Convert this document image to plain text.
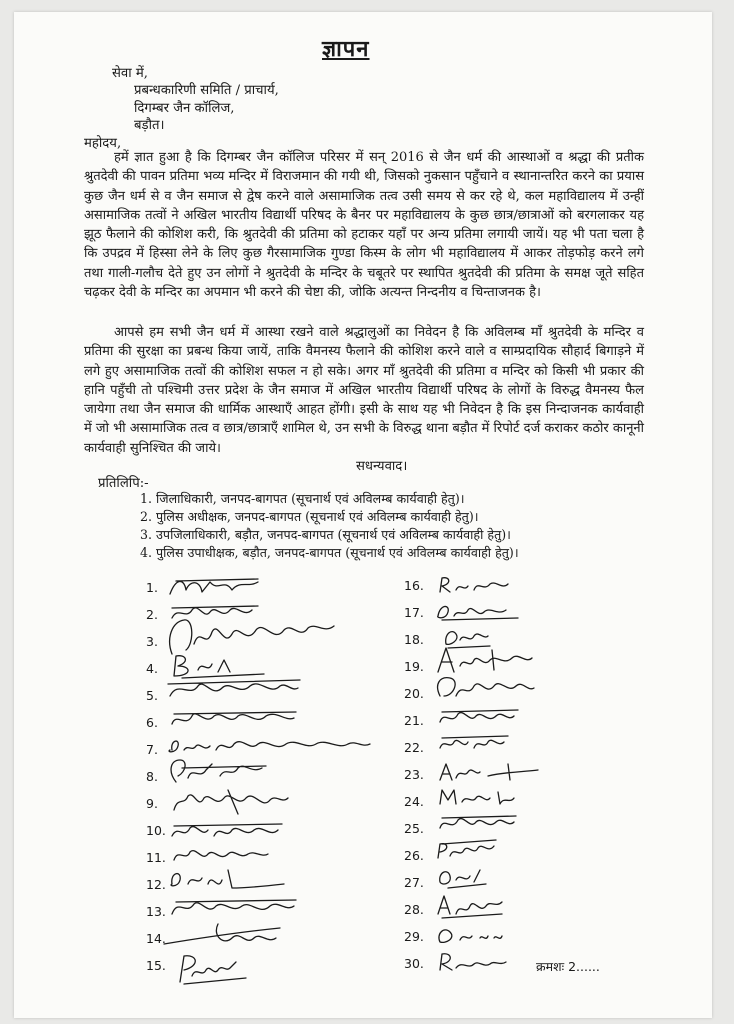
ज्ञापन
सेवा में,
प्रबन्धकारिणी समिति / प्राचार्य,
दिगम्बर जैन कॉलिज,
बड़ौत।
महोदय,
हमें ज्ञात हुआ है कि दिगम्बर जैन कॉलिज परिसर में सन् 2016 से जैन धर्म की आस्थाओं व श्रद्धा की प्रतीक श्रुतदेवी की पावन प्रतिमा भव्य मन्दिर में विराजमान की गयी थी, जिसको नुकसान पहुँचाने व स्थानान्तरित करने का प्रयास कुछ जैन धर्म से व जैन समाज से द्वेष करने वाले असामाजिक तत्व उसी समय से कर रहे थे, कल महाविद्यालय में उन्हीं असामाजिक तत्वों ने अखिल भारतीय विद्यार्थी परिषद के बैनर पर महाविद्यालय के कुछ छात्र/छात्राओं को बरगलाकर यह झूठ फैलाने की कोशिश करी, कि श्रुतदेवी की प्रतिमा को हटाकर यहाँ पर अन्य प्रतिमा लगायी जायें। यह भी पता चला है कि उपद्रव में हिस्सा लेने के लिए कुछ गैरसामाजिक गुण्डा किस्म के लोग भी महाविद्यालय में आकर तोड़फोड़ करने लगे तथा गाली-गलौच देते हुए उन लोगों ने श्रुतदेवी के मन्दिर के चबूतरे पर स्थापित श्रुतदेवी की प्रतिमा के समक्ष जूते सहित चढ़कर देवी के मन्दिर का अपमान भी करने की चेष्टा की, जोकि अत्यन्त निन्दनीय व चिन्ताजनक है।
आपसे हम सभी जैन धर्म में आस्था रखने वाले श्रद्धालुओं का निवेदन है कि अविलम्ब माँ श्रुतदेवी के मन्दिर व प्रतिमा की सुरक्षा का प्रबन्ध किया जायें, ताकि वैमनस्य फैलाने की कोशिश करने वाले व साम्प्रदायिक सौहार्द बिगाड़ने में लगे हुए असामाजिक तत्वों की कोशिश सफल न हो सके। अगर माँ श्रुतदेवी की प्रतिमा व मन्दिर को किसी भी प्रकार की हानि पहुँची तो पश्चिमी उत्तर प्रदेश के जैन समाज में अखिल भारतीय विद्यार्थी परिषद के लोगों के विरुद्ध वैमनस्य फैल जायेगा तथा जैन समाज की धार्मिक आस्थाएँ आहत होंगी। इसी के साथ यह भी निवेदन है कि इस निन्दाजनक कार्यवाही में जो भी असामाजिक तत्व व छात्र/छात्राएँ शामिल थे, उन सभी के विरुद्ध थाना बड़ौत में रिपोर्ट दर्ज कराकर कठोर कानूनी कार्यवाही सुनिश्चित की जाये।
सधन्यवाद।
प्रतिलिपि:-
1. जिलाधिकारी, जनपद-बागपत (सूचनार्थ एवं अविलम्ब कार्यवाही हेतु)।
2. पुलिस अधीक्षक, जनपद-बागपत (सूचनार्थ एवं अविलम्ब कार्यवाही हेतु)।
3. उपजिलाधिकारी, बड़ौत, जनपद-बागपत (सूचनार्थ एवं अविलम्ब कार्यवाही हेतु)।
4. पुलिस उपाधीक्षक, बड़ौत, जनपद-बागपत (सूचनार्थ एवं अविलम्ब कार्यवाही हेतु)।
1.
2.
3.
4.
5.
6.
7.
8.
9.
10.
11.
12.
13.
14.
15.
16.
17.
18.
19.
20.
21.
22.
23.
24.
25.
26.
27.
28.
29.
30.	क्रमशः 2......
